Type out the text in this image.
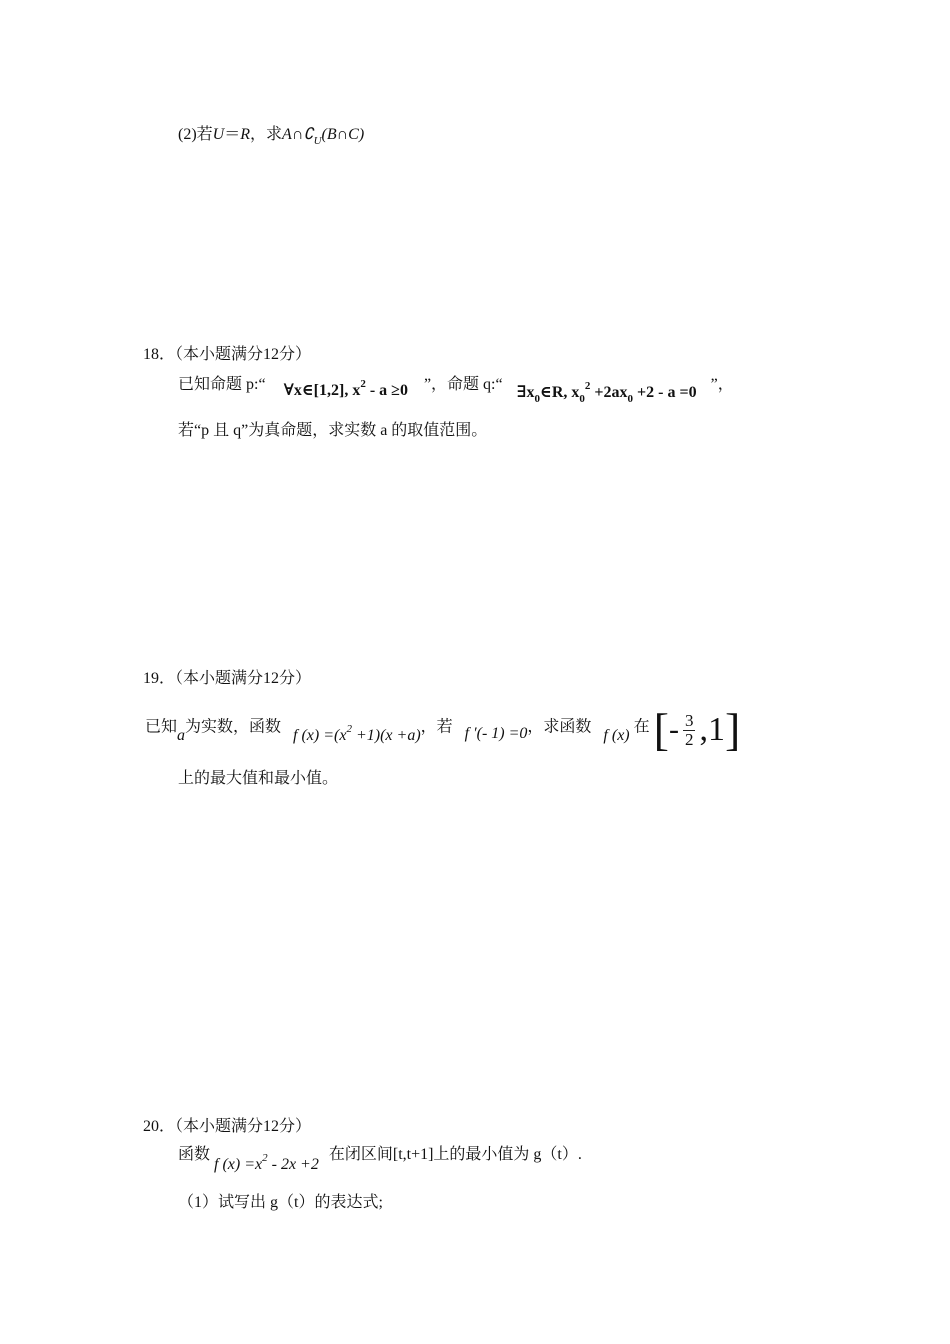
(2)若U＝R，求$A\cap∁_U(B\cap C)$
18．（本小题满分12分）
已知命题 p:“ ∀x∈[1,2], $x^2 - a \ge 0$ ”，命题 q:“ $\exists x_0\in R$, $x_0^2 +2ax_0 +2 - a =0$ ”，
若“p 且 q”为真命题，求实数 a 的取值范围。
19．（本小题满分12分）
已知a为实数，函数 f $(x) =(x^2 +1)(x +a)$，若 f ′(- 1) =0，求函数 f (x) 在 [- $\frac{3}{2} ,1$]
上的最大值和最小值。
20．（本小题满分12分）
函数 f $(x) =x^2 - 2x +2$  在闭区间[t,t+1]上的最小值为 g（t）.
（1）试写出 g（t）的表达式;
